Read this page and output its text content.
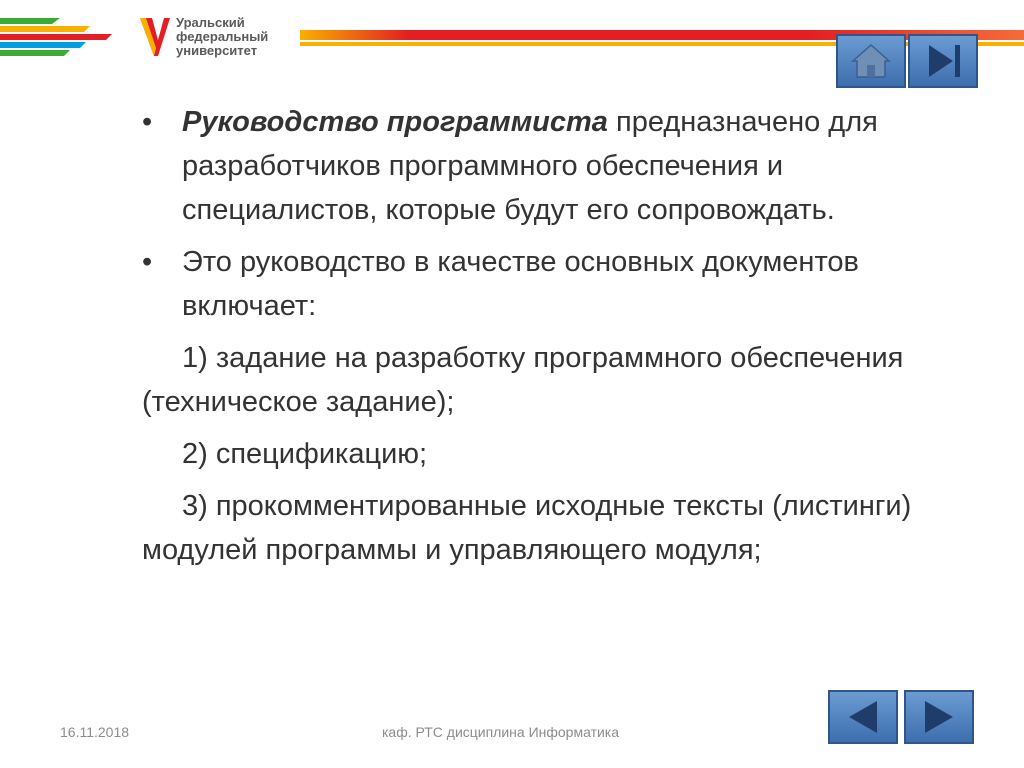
Уральский
федеральный
университет
• Руководство программиста предназначено для разработчиков программного обеспечения и специалистов, которые будут его сопровождать.
• Это руководство в качестве основных документов включает:
1) задание на разработку программного обеспечения (техническое задание);
2) спецификацию;
3) прокомментированные исходные тексты (листинги) модулей программы и управляющего модуля;
16.11.2018	каф. РТС дисциплина Информатика
